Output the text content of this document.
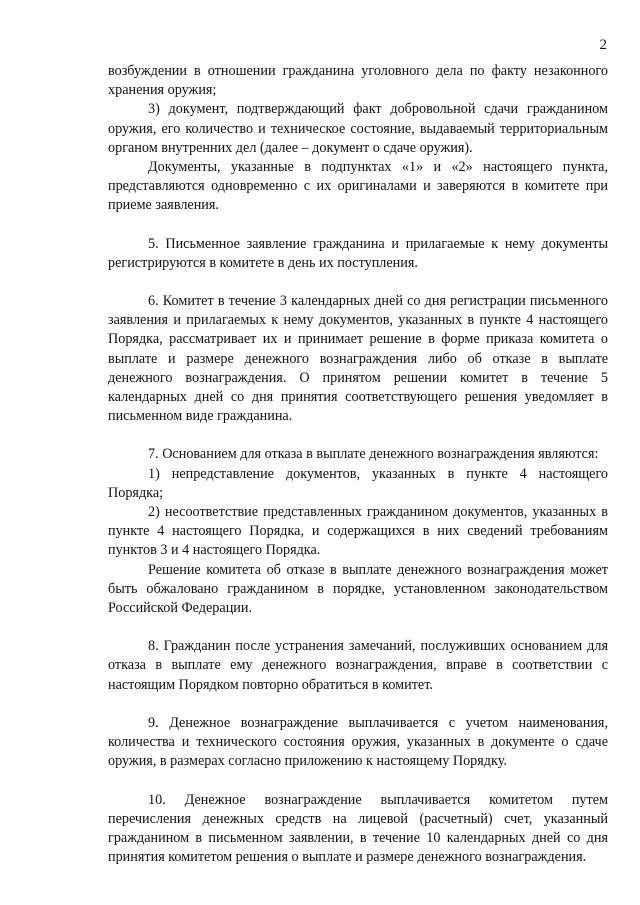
2

возбуждении в отношении гражданина уголовного дела по факту незаконного хранения оружия;

3) документ, подтверждающий факт добровольной сдачи гражданином оружия, его количество и техническое состояние, выдаваемый территориальным органом внутренних дел (далее – документ о сдаче оружия).

Документы, указанные в подпунктах «1» и «2» настоящего пункта, представляются одновременно с их оригиналами и заверяются в комитете при приеме заявления.

5. Письменное заявление гражданина и прилагаемые к нему документы регистрируются в комитете в день их поступления.

6. Комитет в течение 3 календарных дней со дня регистрации письменного заявления и прилагаемых к нему документов, указанных в пункте 4 настоящего Порядка, рассматривает их и принимает решение в форме приказа комитета о выплате и размере денежного вознаграждения либо об отказе в выплате денежного вознаграждения. О принятом решении комитет в течение 5 календарных дней со дня принятия соответствующего решения уведомляет в письменном виде гражданина.

7. Основанием для отказа в выплате денежного вознаграждения являются:

1) непредставление документов, указанных в пункте 4 настоящего Порядка;

2) несоответствие представленных гражданином документов, указанных в пункте 4 настоящего Порядка, и содержащихся в них сведений требованиям пунктов 3 и 4 настоящего Порядка.

Решение комитета об отказе в выплате денежного вознаграждения может быть обжаловано гражданином в порядке, установленном законодательством Российской Федерации.

8. Гражданин после устранения замечаний, послуживших основанием для отказа в выплате ему денежного вознаграждения, вправе в соответствии с настоящим Порядком повторно обратиться в комитет.

9. Денежное вознаграждение выплачивается с учетом наименования, количества и технического состояния оружия, указанных в документе о сдаче оружия, в размерах согласно приложению к настоящему Порядку.

10. Денежное вознаграждение выплачивается комитетом путем перечисления денежных средств на лицевой (расчетный) счет, указанный гражданином в письменном заявлении, в течение 10 календарных дней со дня принятия комитетом решения о выплате и размере денежного вознаграждения.
